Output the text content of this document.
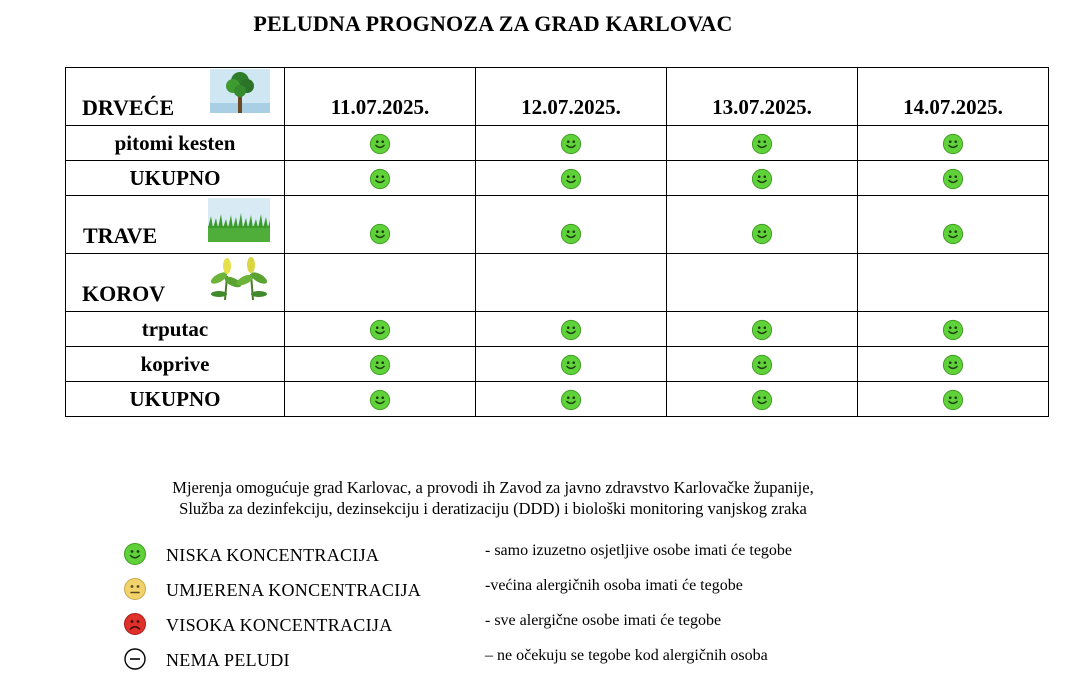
PELUDNA PROGNOZA ZA GRAD KARLOVAC
DRVEĆE	11.07.2025.	12.07.2025.	13.07.2025.	14.07.2025.

pitomi kesten				
UKUPNO				

TRAVE

KOROV				

trputac				
koprive				
UKUPNO				
Mjerenja omogućuje grad Karlovac, a provodi ih Zavod za javno zdravstvo Karlovačke županije,
Služba za dezinfekciju, dezinsekciju i deratizaciju (DDD) i biološki monitoring vanjskog zraka
NISKA KONCENTRACIJA	- samo izuzetno osjetljive osobe imati će tegobe
UMJERENA KONCENTRACIJA	-većina alergičnih osoba imati će tegobe
VISOKA KONCENTRACIJA	- sve alergične osobe imati će tegobe
NEMA PELUDI	– ne očekuju se tegobe kod alergičnih osoba
